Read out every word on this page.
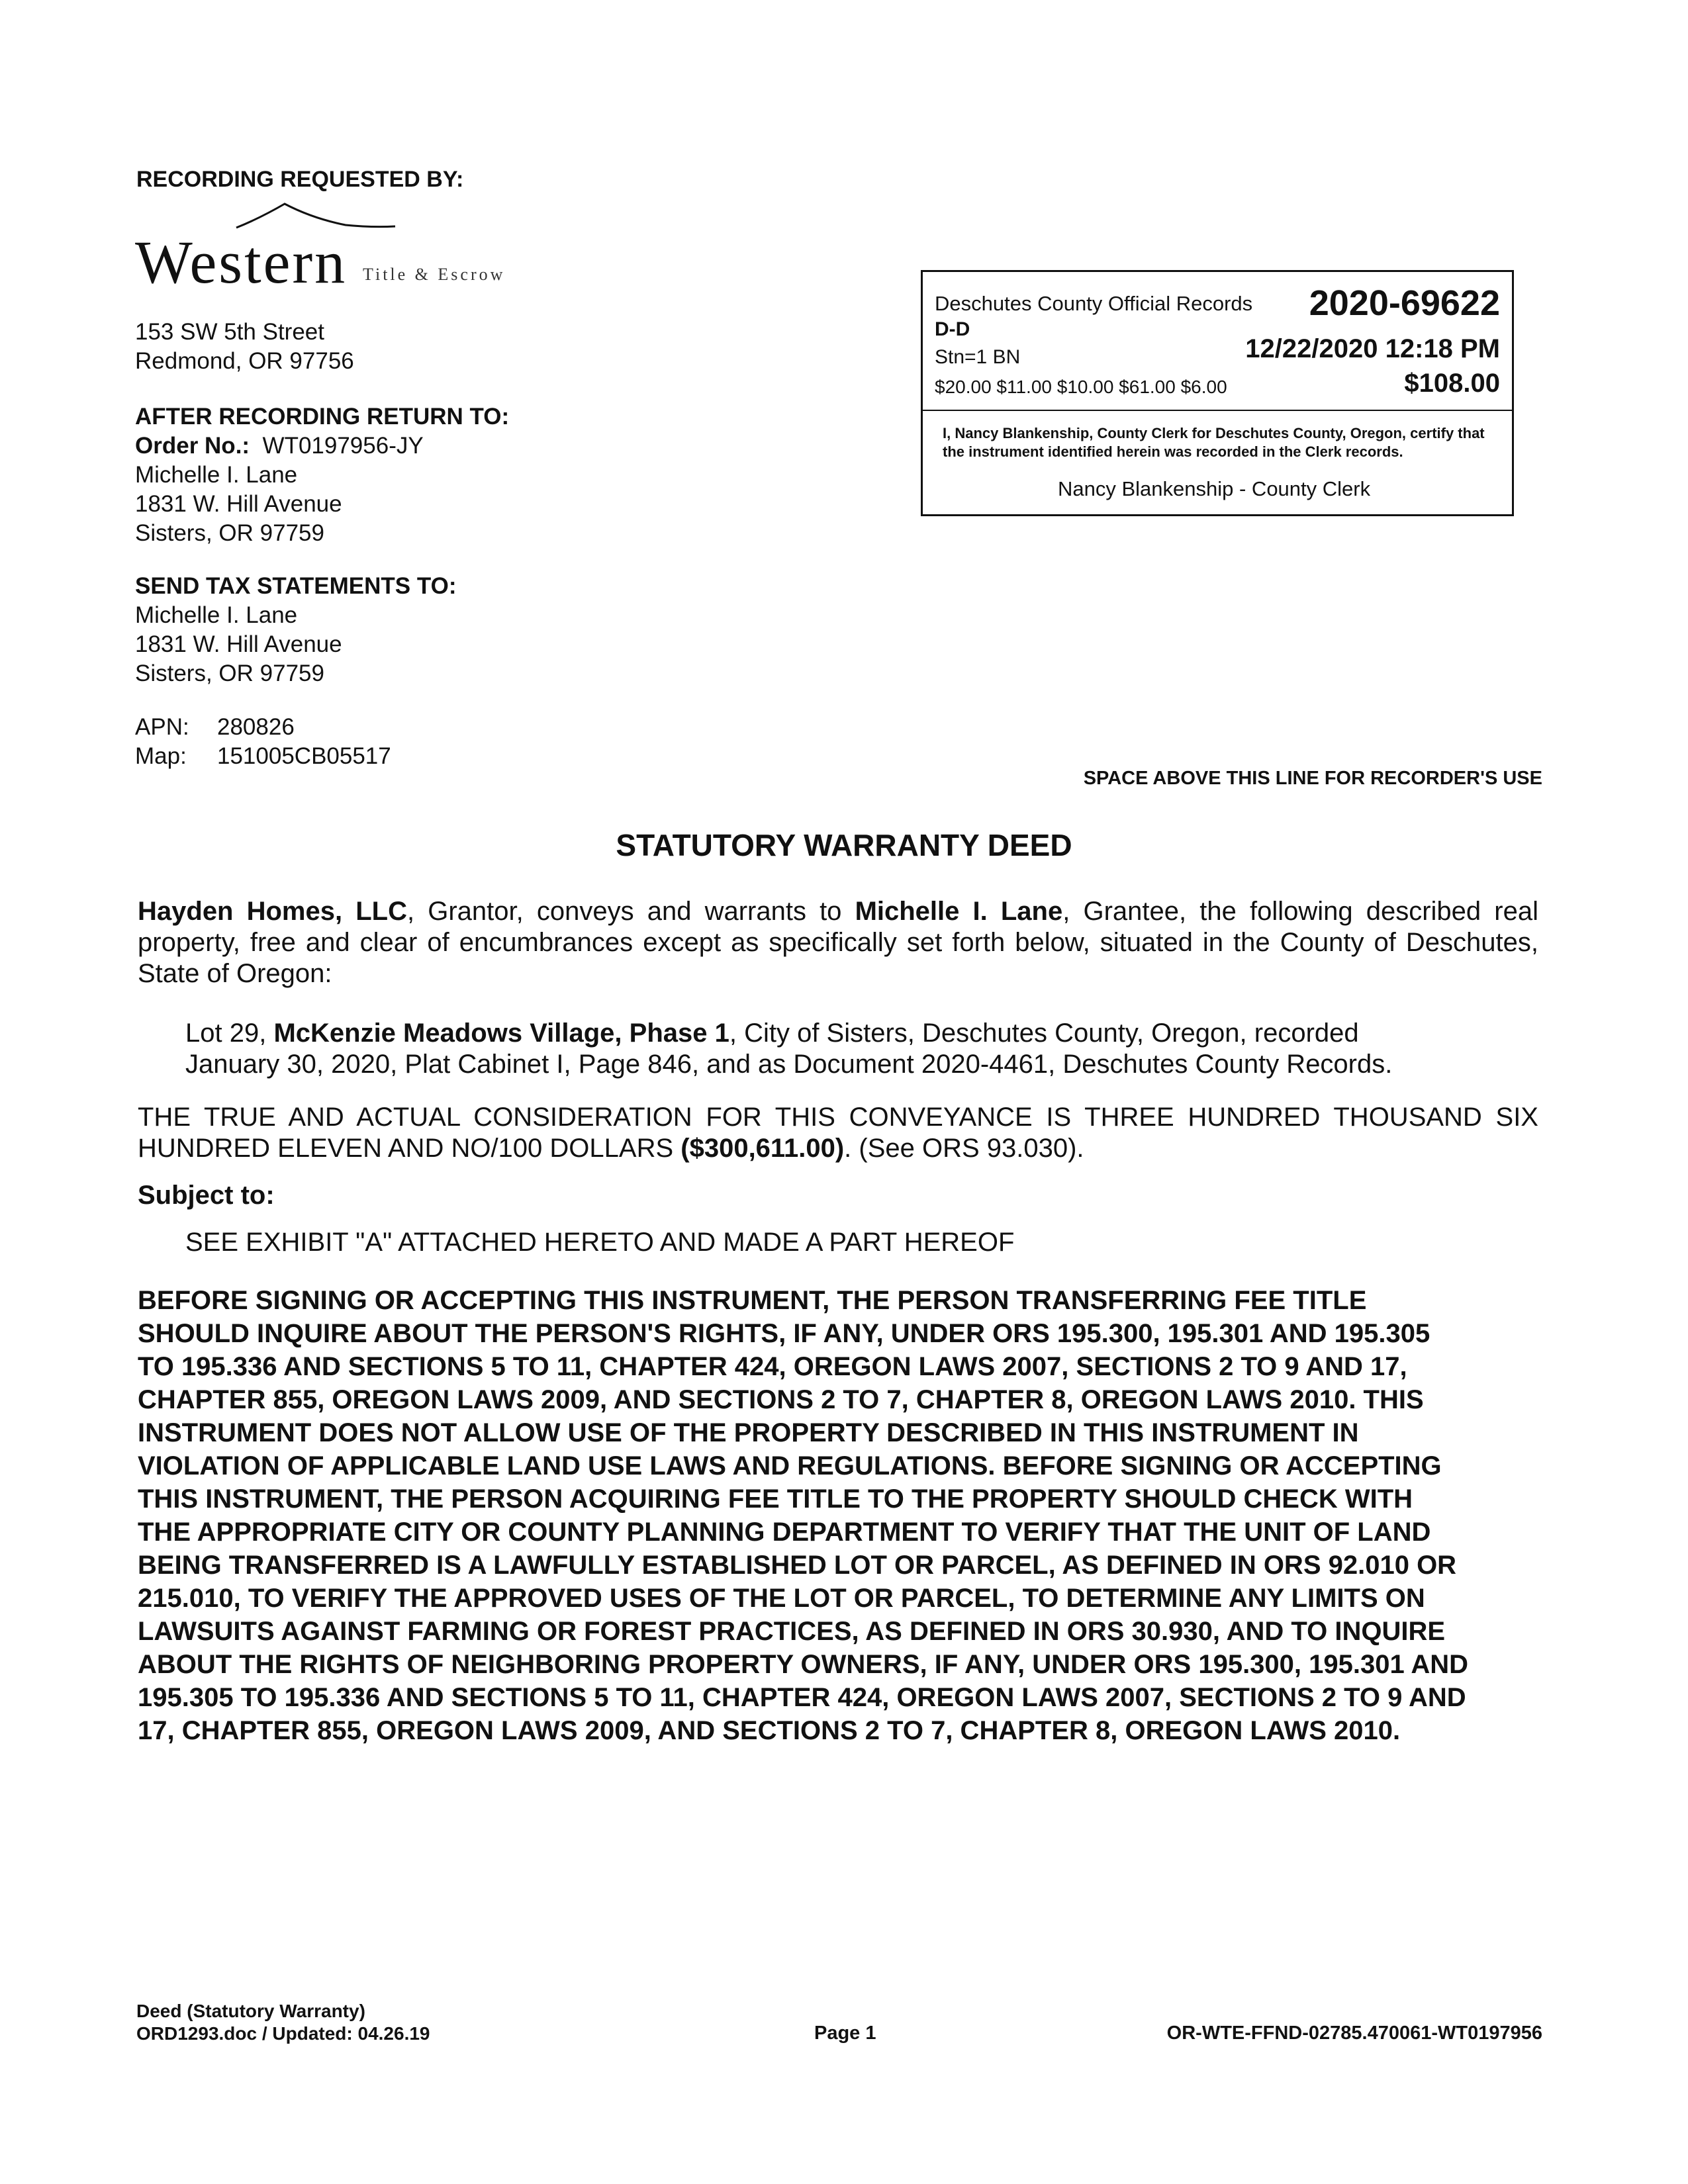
RECORDING REQUESTED BY:
Western Title & Escrow
153 SW 5th Street
Redmond, OR 97756
AFTER RECORDING RETURN TO:
Order No.: WT0197956-JY
Michelle I. Lane
1831 W. Hill Avenue
Sisters, OR 97759
SEND TAX STATEMENTS TO:
Michelle I. Lane
1831 W. Hill Avenue
Sisters, OR 97759
APN: 280826
Map: 151005CB05517
Deschutes County Official Records 2020-69622
D-D
Stn=1 BN	12/22/2020 12:18 PM
$20.00 $11.00 $10.00 $61.00 $6.00	$108.00
I, Nancy Blankenship, County Clerk for Deschutes County, Oregon, certify that the instrument identified herein was recorded in the Clerk records.
Nancy Blankenship - County Clerk
SPACE ABOVE THIS LINE FOR RECORDER'S USE
STATUTORY WARRANTY DEED
Hayden Homes, LLC, Grantor, conveys and warrants to Michelle I. Lane, Grantee, the following described real property, free and clear of encumbrances except as specifically set forth below, situated in the County of Deschutes, State of Oregon:
Lot 29, McKenzie Meadows Village, Phase 1, City of Sisters, Deschutes County, Oregon, recorded
January 30, 2020, Plat Cabinet I, Page 846, and as Document 2020-4461, Deschutes County Records.
THE TRUE AND ACTUAL CONSIDERATION FOR THIS CONVEYANCE IS THREE HUNDRED THOUSAND SIX HUNDRED ELEVEN AND NO/100 DOLLARS ($300,611.00). (See ORS 93.030).
Subject to:
SEE EXHIBIT "A" ATTACHED HERETO AND MADE A PART HEREOF
BEFORE SIGNING OR ACCEPTING THIS INSTRUMENT, THE PERSON TRANSFERRING FEE TITLE
SHOULD INQUIRE ABOUT THE PERSON'S RIGHTS, IF ANY, UNDER ORS 195.300, 195.301 AND 195.305
TO 195.336 AND SECTIONS 5 TO 11, CHAPTER 424, OREGON LAWS 2007, SECTIONS 2 TO 9 AND 17,
CHAPTER 855, OREGON LAWS 2009, AND SECTIONS 2 TO 7, CHAPTER 8, OREGON LAWS 2010. THIS
INSTRUMENT DOES NOT ALLOW USE OF THE PROPERTY DESCRIBED IN THIS INSTRUMENT IN
VIOLATION OF APPLICABLE LAND USE LAWS AND REGULATIONS. BEFORE SIGNING OR ACCEPTING
THIS INSTRUMENT, THE PERSON ACQUIRING FEE TITLE TO THE PROPERTY SHOULD CHECK WITH
THE APPROPRIATE CITY OR COUNTY PLANNING DEPARTMENT TO VERIFY THAT THE UNIT OF LAND
BEING TRANSFERRED IS A LAWFULLY ESTABLISHED LOT OR PARCEL, AS DEFINED IN ORS 92.010 OR
215.010, TO VERIFY THE APPROVED USES OF THE LOT OR PARCEL, TO DETERMINE ANY LIMITS ON
LAWSUITS AGAINST FARMING OR FOREST PRACTICES, AS DEFINED IN ORS 30.930, AND TO INQUIRE
ABOUT THE RIGHTS OF NEIGHBORING PROPERTY OWNERS, IF ANY, UNDER ORS 195.300, 195.301 AND
195.305 TO 195.336 AND SECTIONS 5 TO 11, CHAPTER 424, OREGON LAWS 2007, SECTIONS 2 TO 9 AND
17, CHAPTER 855, OREGON LAWS 2009, AND SECTIONS 2 TO 7, CHAPTER 8, OREGON LAWS 2010.
Deed (Statutory Warranty)
ORD1293.doc / Updated: 04.26.19	Page 1	OR-WTE-FFND-02785.470061-WT0197956
